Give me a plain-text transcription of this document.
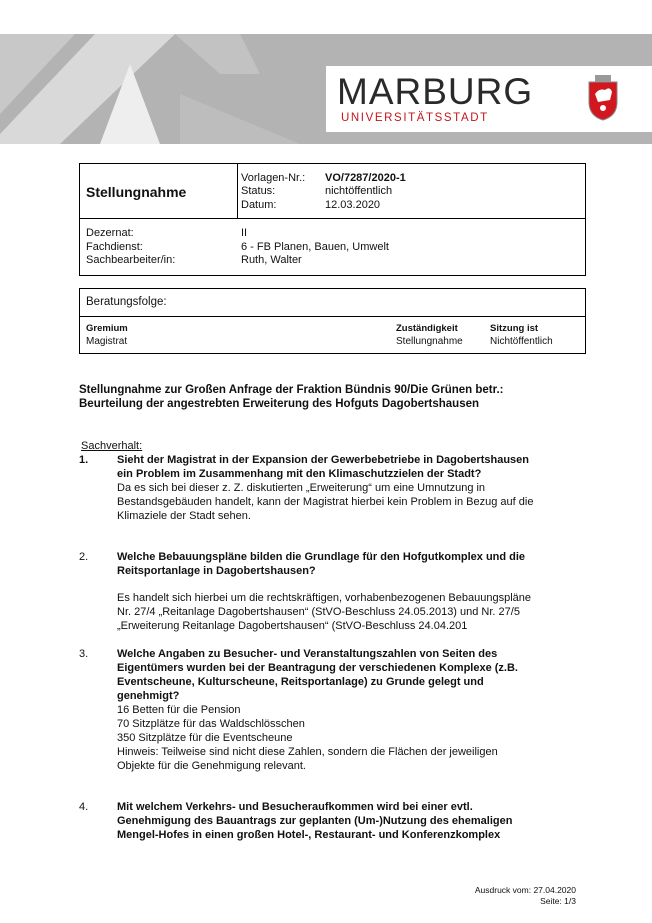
MARBURG
UNIVERSITÄTSSTADT
Stellungnahme
Vorlagen-Nr.: VO/7287/2020-1
Status:	nichtöffentlich
Datum:	12.03.2020
Dezernat:	II
Fachdienst:	6 - FB Planen, Bauen, Umwelt
Sachbearbeiter/in:	Ruth, Walter
Beratungsfolge:
Gremium	Zuständigkeit	Sitzung ist
Magistrat	Stellungnahme	Nichtöffentlich
Stellungnahme zur Großen Anfrage der Fraktion Bündnis 90/Die Grünen betr.:
Beurteilung der angestrebten Erweiterung des Hofguts Dagobertshausen
Sachverhalt:
1.	Sieht der Magistrat in der Expansion der Gewerbebetriebe in Dagobertshausen
ein Problem im Zusammenhang mit den Klimaschutzzielen der Stadt?
Da es sich bei dieser z. Z. diskutierten „Erweiterung“ um eine Umnutzung in
Bestandsgebäuden handelt, kann der Magistrat hierbei kein Problem in Bezug auf die
Klimaziele der Stadt sehen.
2.	Welche Bebauungspläne bilden die Grundlage für den Hofgutkomplex und die
Reitsportanlage in Dagobertshausen?
Es handelt sich hierbei um die rechtskräftigen, vorhabenbezogenen Bebauungspläne
Nr. 27/4 „Reitanlage Dagobertshausen“ (StVO-Beschluss 24.05.2013) und Nr. 27/5
„Erweiterung Reitanlage Dagobertshausen“ (StVO-Beschluss 24.04.201
3.	Welche Angaben zu Besucher- und Veranstaltungszahlen von Seiten des
Eigentümers wurden bei der Beantragung der verschiedenen Komplexe (z.B.
Eventscheune, Kulturscheune, Reitsportanlage) zu Grunde gelegt und
genehmigt?
16 Betten für die Pension
70 Sitzplätze für das Waldschlösschen
350 Sitzplätze für die Eventscheune
Hinweis: Teilweise sind nicht diese Zahlen, sondern die Flächen der jeweiligen
Objekte für die Genehmigung relevant.
4.	Mit welchem Verkehrs- und Besucheraufkommen wird bei einer evtl.
Genehmigung des Bauantrags zur geplanten (Um-)Nutzung des ehemaligen
Mengel-Hofes in einen großen Hotel-, Restaurant- und Konferenzkomplex
Ausdruck vom: 27.04.2020
Seite: 1/3
